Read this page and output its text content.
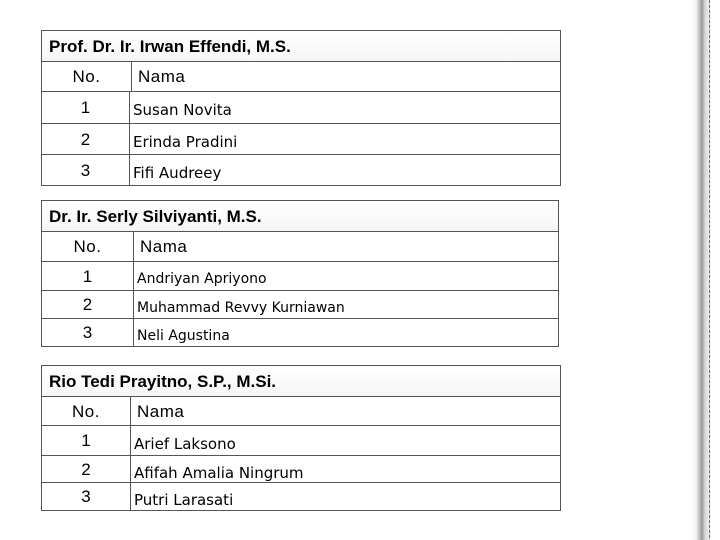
Prof. Dr. Ir. Irwan Effendi, M.S.
No.	Nama
1	Susan Novita
2	Erinda Pradini
3	Fifi Audreey
Dr. Ir. Serly Silviyanti, M.S.
No.	Nama
1	Andriyan Apriyono
2	Muhammad Revvy Kurniawan
3	Neli Agustina
Rio Tedi Prayitno, S.P., M.Si.
No.	Nama
1	Arief Laksono
2	Afifah Amalia Ningrum
3	Putri Larasati
